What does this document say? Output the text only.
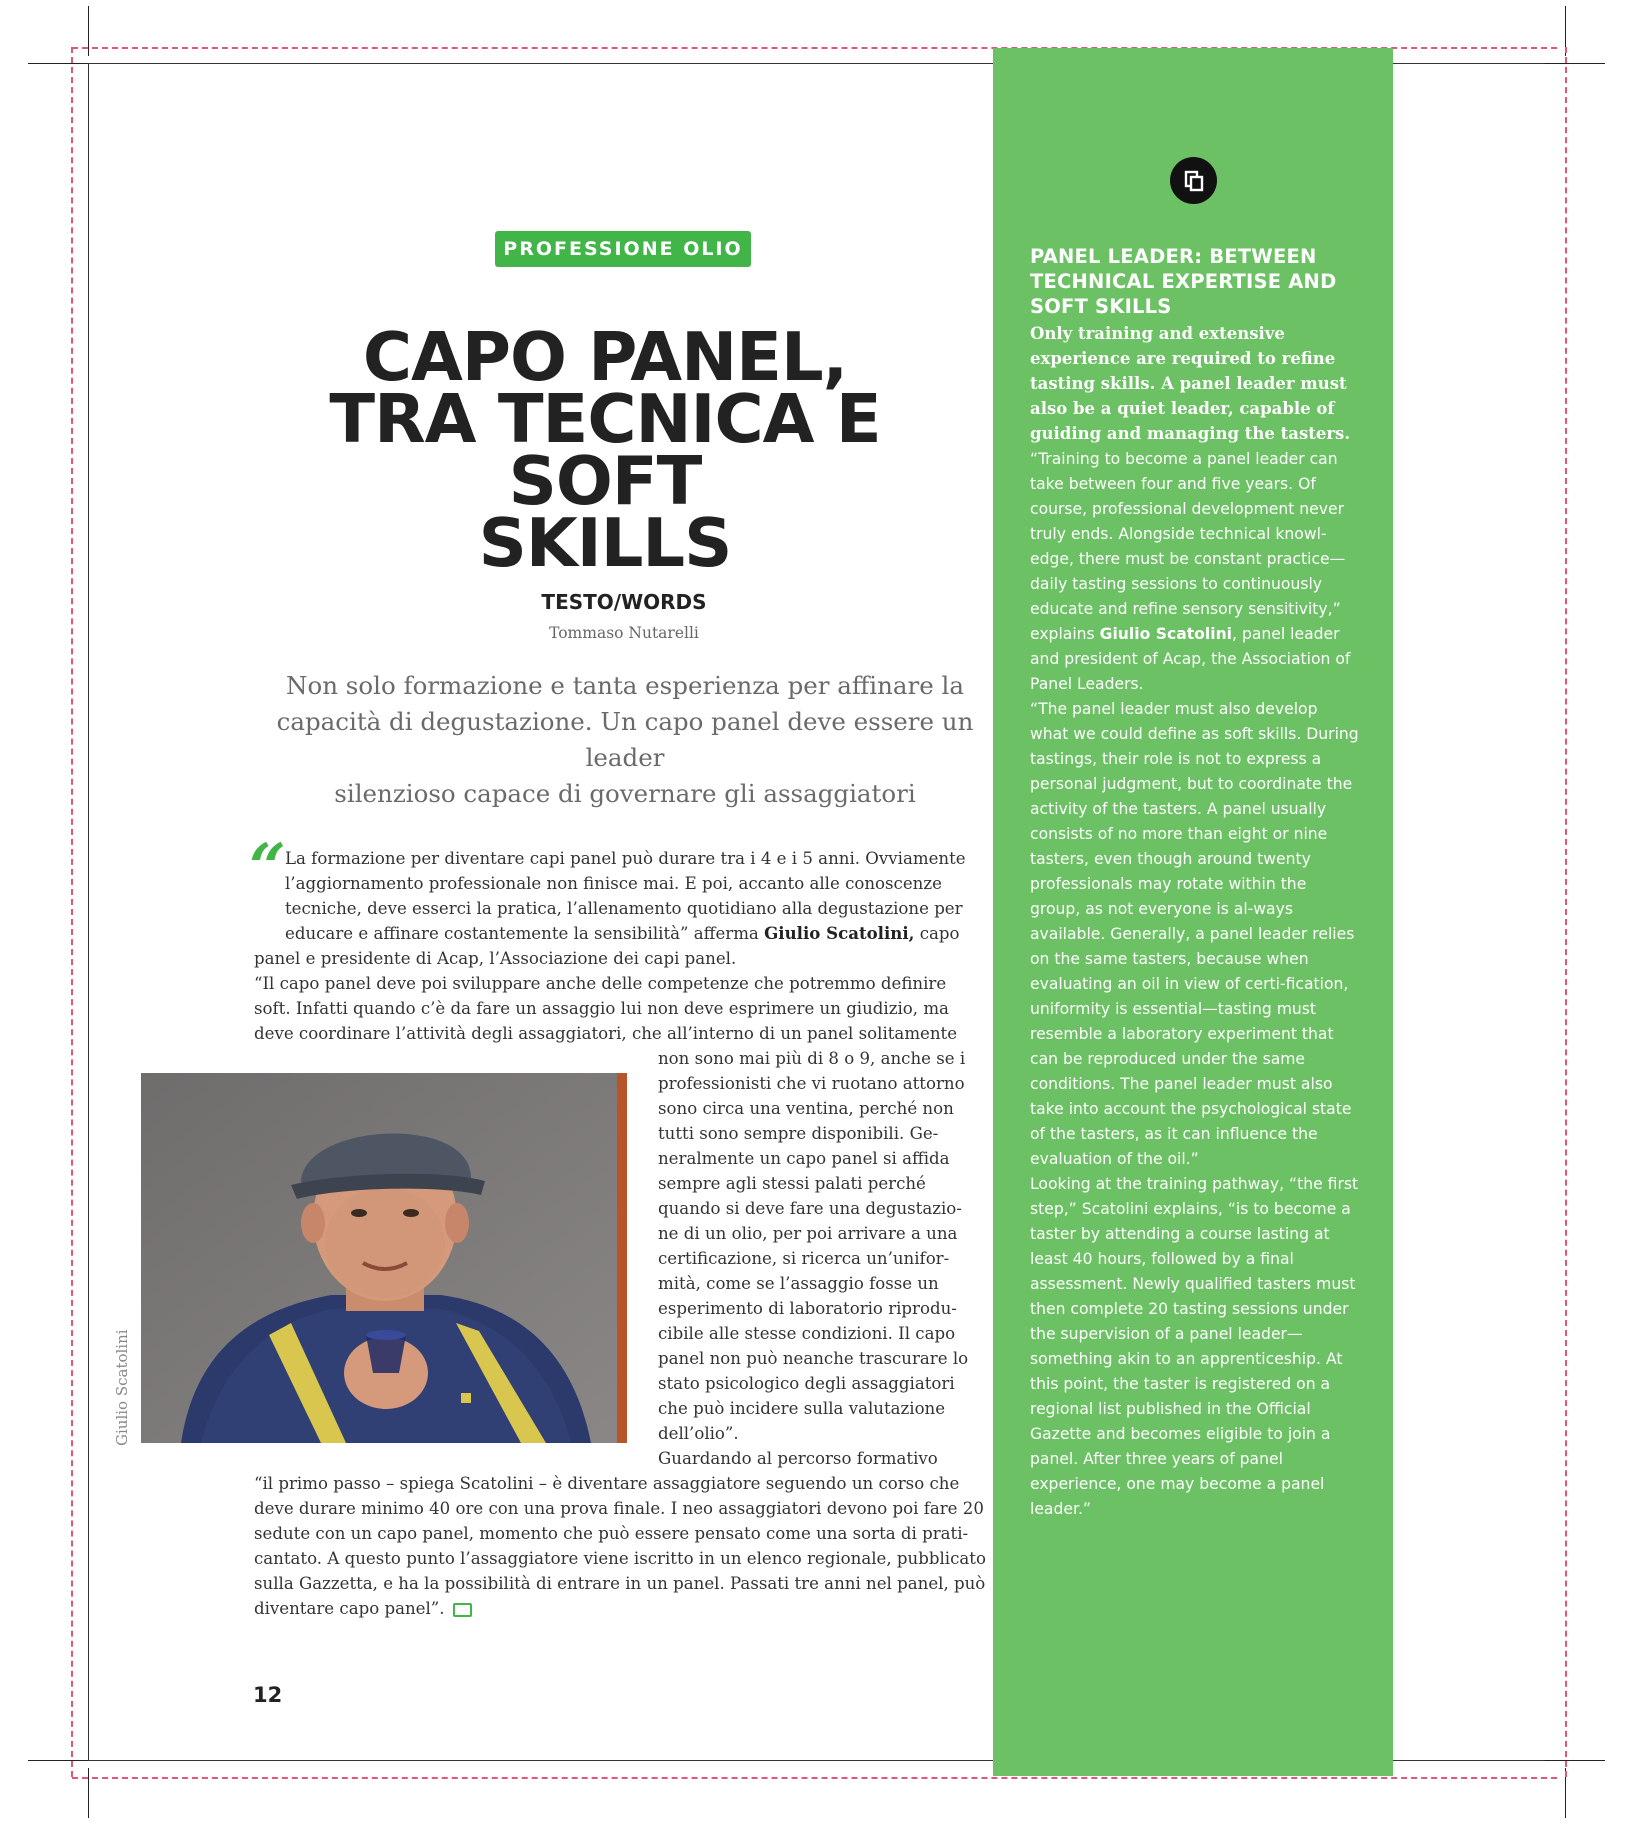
PANEL LEADER: BETWEEN TECHNICAL EXPERTISE AND SOFT SKILLS
Only training and extensive experience are required to refine tasting skills. A panel leader must also be a quiet leader, capable of guiding and managing the tasters.

“Training to become a panel leader can take between four and five years. Of course, professional development never truly ends. Alongside technical knowl-edge, there must be constant practice—daily tasting sessions to continuously educate and refine sensory sensitivity,” explains Giulio Scatolini, panel leader and president of Acap, the Association of Panel Leaders.

“The panel leader must also develop what we could define as soft skills. During tastings, their role is not to express a personal judgment, but to coordinate the activity of the tasters. A panel usually consists of no more than eight or nine tasters, even though around twenty professionals may rotate within the group, as not everyone is al-ways available. Generally, a panel leader relies on the same tasters, because when evaluating an oil in view of certi-fication, uniformity is essential—tasting must resemble a laboratory experiment that can be reproduced under the same conditions. The panel leader must also take into account the psychological state of the tasters, as it can influence the evaluation of the oil.”

Looking at the training pathway, “the first step,” Scatolini explains, “is to become a taster by attending a course lasting at least 40 hours, followed by a final assessment. Newly qualified tasters must then complete 20 tasting sessions under the supervision of a panel leader—something akin to an apprenticeship. At this point, the taster is registered on a regional list published in the Official Gazette and becomes eligible to join a panel. After three years of panel experience, one may become a panel leader.”

PROFESSIONE OLIO
CAPO PANEL,
TRA TECNICA E SOFT
SKILLS
TESTO/WORDS
Tommaso Nutarelli
Non solo formazione e tanta esperienza per affinare la
capacità di degustazione. Un capo panel deve essere un leader
silenzioso capace di governare gli assaggiatori
“ La formazione per diventare capi panel può durare tra i 4 e i 5 anni. Ovviamente

l’aggiornamento professionale non finisce mai. E poi, accanto alle conoscenze

tecniche, deve esserci la pratica, l’allenamento quotidiano alla degustazione per

educare e affinare costantemente la sensibilità” afferma Giulio Scatolini, capo

panel e presidente di Acap, l’Associazione dei capi panel.

“Il capo panel deve poi sviluppare anche delle competenze che potremmo definire

soft. Infatti quando c’è da fare un assaggio lui non deve esprimere un giudizio, ma

deve coordinare l’attività degli assaggiatori, che all’interno di un panel solitamente

non sono mai più di 8 o 9, anche se i

professionisti che vi ruotano attorno

sono circa una ventina, perché non

tutti sono sempre disponibili. Ge-

neralmente un capo panel si affida

sempre agli stessi palati perché

quando si deve fare una degustazio-

ne di un olio, per poi arrivare a una

certificazione, si ricerca un’unifor-

mità, come se l’assaggio fosse un

esperimento di laboratorio riprodu-

cibile alle stesse condizioni. Il capo

panel non può neanche trascurare lo

stato psicologico degli assaggiatori

che può incidere sulla valutazione

dell’olio”.

Guardando al percorso formativo

“il primo passo – spiega Scatolini – è diventare assaggiatore seguendo un corso che

deve durare minimo 40 ore con una prova finale. I neo assaggiatori devono poi fare 20

sedute con un capo panel, momento che può essere pensato come una sorta di prati-

cantato. A questo punto l’assaggiatore viene iscritto in un elenco regionale, pubblicato

sulla Gazzetta, e ha la possibilità di entrare in un panel. Passati tre anni nel panel, può

diventare capo panel”.

Giulio Scatolini
12
